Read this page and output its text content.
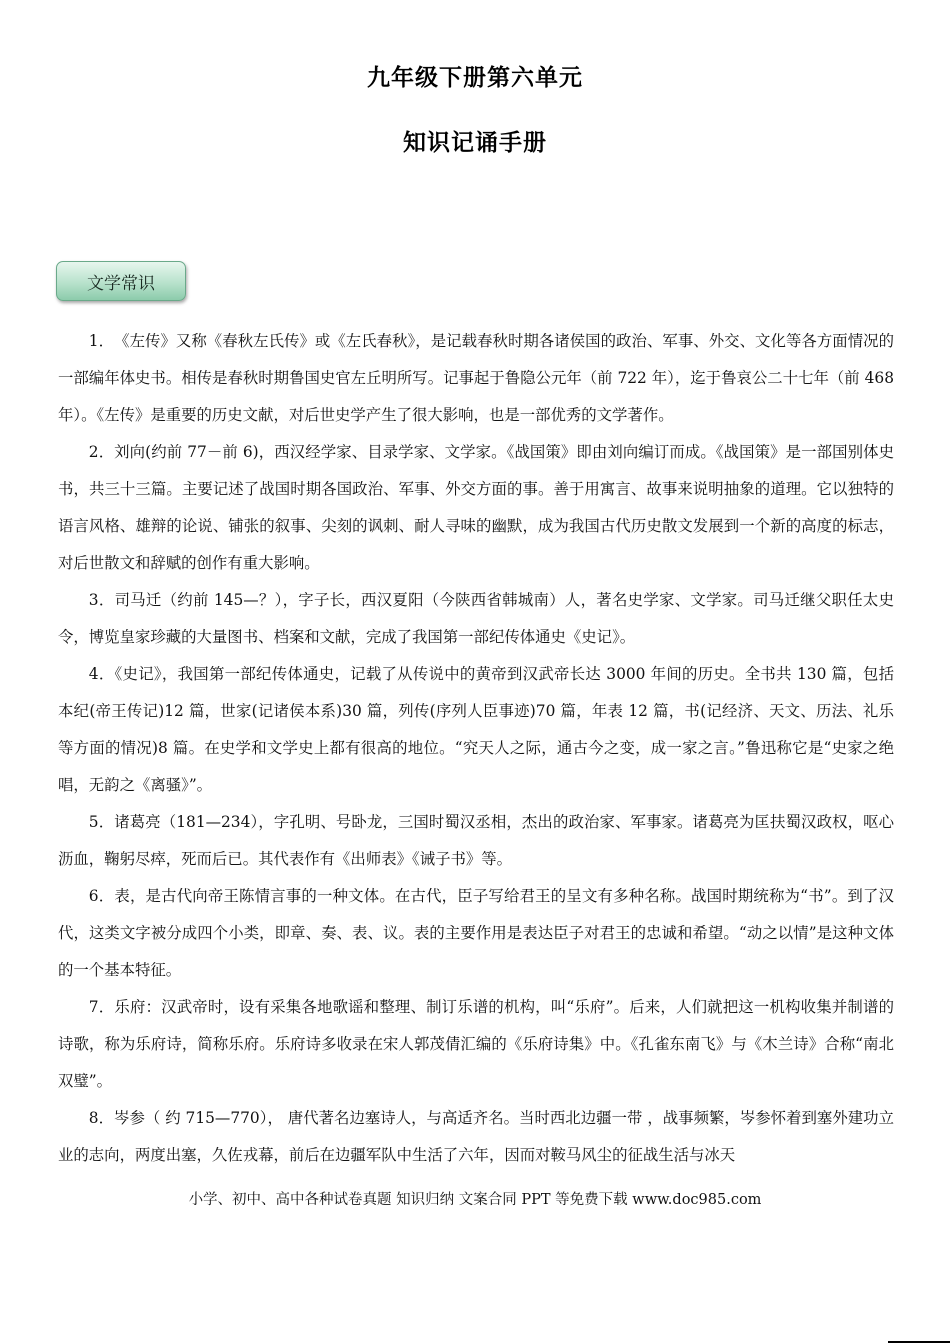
九年级下册第六单元
知识记诵手册
文学常识

1．　《左传》又称《春秋左氏传》或《左氏春秋》，是记载春秋时期各诸侯国的政治、军事、外交、文化等各方面情况的一部编年体史书。相传是春秋时期鲁国史官左丘明所写。记事起于鲁隐公元年（前 722 年），迄于鲁哀公二十七年（前 468 年）。《左传》是重要的历史文献，对后世史学产生了很大影响，也是一部优秀的文学著作。

2．刘向(约前 77－前 6)，西汉经学家、目录学家、文学家。《战国策》即由刘向编订而成。《战国策》是一部国别体史书，共三十三篇。主要记述了战国时期各国政治、军事、外交方面的事。善于用寓言、故事来说明抽象的道理。它以独特的语言风格、雄辩的论说、铺张的叙事、尖刻的讽刺、耐人寻味的幽默，成为我国古代历史散文发展到一个新的高度的标志，对后世散文和辞赋的创作有重大影响。

3．司马迁（约前 145—？），字子长，西汉夏阳（今陕西省韩城南）人，著名史学家、文学家。司马迁继父职任太史令，博览皇家珍藏的大量图书、档案和文献，完成了我国第一部纪传体通史《史记》。

4．《史记》，我国第一部纪传体通史，记载了从传说中的黄帝到汉武帝长达 3000 年间的历史。全书共 130 篇，包括本纪(帝王传记)12 篇，世家(记诸侯本系)30 篇，列传(序列人臣事迹)70 篇，年表 12 篇，书(记经济、天文、历法、礼乐等方面的情况)8 篇。在史学和文学史上都有很高的地位。“究天人之际，通古今之变，成一家之言。”鲁迅称它是“史家之绝唱，无韵之《离骚》”。

5．诸葛亮（181—234），字孔明、号卧龙，三国时蜀汉丞相，杰出的政治家、军事家。诸葛亮为匡扶蜀汉政权，呕心沥血，鞠躬尽瘁，死而后已。其代表作有《出师表》《诫子书》等。

6．表，是古代向帝王陈情言事的一种文体。在古代，臣子写给君王的呈文有多种名称。战国时期统称为“书”。到了汉代，这类文字被分成四个小类，即章、奏、表、议。表的主要作用是表达臣子对君王的忠诚和希望。“动之以情”是这种文体的一个基本特征。

7．乐府：汉武帝时，设有采集各地歌谣和整理、制订乐谱的机构，叫“乐府”。后来，人们就把这一机构收集并制谱的诗歌，称为乐府诗，简称乐府。乐府诗多收录在宋人郭茂倩汇编的《乐府诗集》中。《孔雀东南飞》与《木兰诗》合称“南北双璧”。

8．岑参（ 约 715—770）， 唐代著名边塞诗人，与高适齐名。当时西北边疆一带 ，战事频繁，岑参怀着到塞外建功立业的志向，两度出塞，久佐戎幕，前后在边疆军队中生活了六年，因而对鞍马风尘的征战生活与冰天

小学、初中、高中各种试卷真题 知识归纳 文案合同 PPT 等免费下载 www.doc985.com
